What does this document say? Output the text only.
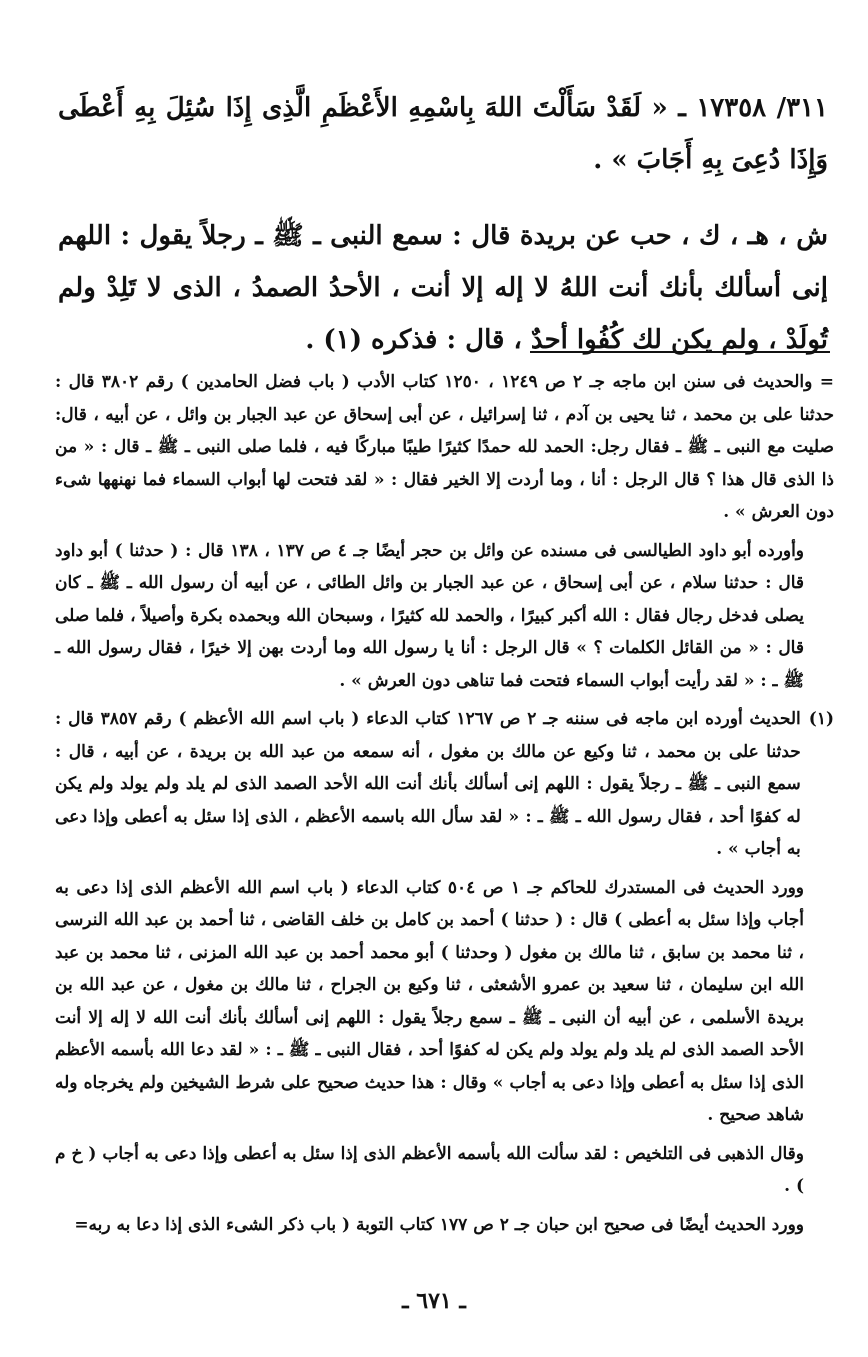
٣١١/ ١٧٣٥٨ ـ « لَقَدْ سَأَلْتَ اللهَ بِاسْمِهِ الأَعْظَمِ الَّذِى إِذَا سُئِلَ بِهِ أَعْطَى وَإِذَا دُعِىَ بِهِ أَجَابَ » .

ش ، هـ ، ك ، حب عن بريدة قال : سمع النبى ـ ﷺ ـ رجلاً يقول : اللهم إنى أسألك بأنك أنت اللهُ لا إله إلا أنت ، الأحدُ الصمدُ ، الذى لا تَلِدْ ولم تُولَدْ ، ولم يكن لك كُفُوا أحدٌ ، قال : فذكره (١) .

= والحديث فى سنن ابن ماجه جـ ٢ ص ١٢٤٩ ، ١٢٥٠ كتاب الأدب ( باب فضل الحامدين ) رقم ٣٨٠٢ قال : حدثنا على بن محمد ، ثنا يحيى بن آدم ، ثنا إسرائيل ، عن أبى إسحاق عن عبد الجبار بن وائل ، عن أبيه ، قال: صليت مع النبى ـ ﷺ ـ فقال رجل: الحمد لله حمدًا كثيرًا طيبًا مباركًا فيه ، فلما صلى النبى ـ ﷺ ـ قال : « من ذا الذى قال هذا ؟ قال الرجل : أنا ، وما أردت إلا الخير فقال : « لقد فتحت لها أبواب السماء فما نهنهها شىء دون العرش » .

وأورده أبو داود الطيالسى فى مسنده عن وائل بن حجر أيضًا جـ ٤ ص ١٣٧ ، ١٣٨ قال : ( حدثنا ) أبو داود قال : حدثنا سلام ، عن أبى إسحاق ، عن عبد الجبار بن وائل الطائى ، عن أبيه أن رسول الله ـ ﷺ ـ كان يصلى فدخل رجال فقال : الله أكبر كبيرًا ، والحمد لله كثيرًا ، وسبحان الله وبحمده بكرة وأصيلاً ، فلما صلى قال : « من القائل الكلمات ؟ » قال الرجل : أنا يا رسول الله وما أردت بهن إلا خيرًا ، فقال رسول الله ـ ﷺ ـ : « لقد رأيت أبواب السماء فتحت فما تناهى دون العرش » .

(١)

الحديث أورده ابن ماجه فى سننه جـ ٢ ص ١٢٦٧ كتاب الدعاء ( باب اسم الله الأعظم ) رقم ٣٨٥٧ قال : حدثنا على بن محمد ، ثنا وكيع عن مالك بن مغول ، أنه سمعه من عبد الله بن بريدة ، عن أبيه ، قال : سمع النبى ـ ﷺ ـ رجلاً يقول : اللهم إنى أسألك بأنك أنت الله الأحد الصمد الذى لم يلد ولم يولد ولم يكن له كفوًا أحد ، فقال رسول الله ـ ﷺ ـ : « لقد سأل الله باسمه الأعظم ، الذى إذا سئل به أعطى وإذا دعى به أجاب » .

وورد الحديث فى المستدرك للحاكم جـ ١ ص ٥٠٤ كتاب الدعاء ( باب اسم الله الأعظم الذى إذا دعى به أجاب وإذا سئل به أعطى ) قال : ( حدثنا ) أحمد بن كامل بن خلف القاضى ، ثنا أحمد بن عبد الله النرسى ، ثنا محمد بن سابق ، ثنا مالك بن مغول ( وحدثنا ) أبو محمد أحمد بن عبد الله المزنى ، ثنا محمد بن عبد الله ابن سليمان ، ثنا سعيد بن عمرو الأشعثى ، ثنا وكيع بن الجراح ، ثنا مالك بن مغول ، عن عبد الله بن بريدة الأسلمى ، عن أبيه أن النبى ـ ﷺ ـ سمع رجلاً يقول : اللهم إنى أسألك بأنك أنت الله لا إله إلا أنت الأحد الصمد الذى لم يلد ولم يولد ولم يكن له كفوًا أحد ، فقال النبى ـ ﷺ ـ : « لقد دعا الله بأسمه الأعظم الذى إذا سئل به أعطى وإذا دعى به أجاب » وقال : هذا حديث صحيح على شرط الشيخين ولم يخرجاه وله شاهد صحيح .

وقال الذهبى فى التلخيص : لقد سألت الله بأسمه الأعظم الذى إذا سئل به أعطى وإذا دعى به أجاب ( خ م ) .

وورد الحديث أيضًا فى صحيح ابن حبان جـ ٢ ص ١٧٧ كتاب التوبة ( باب ذكر الشىء الذى إذا دعا به ربه=

ـ ٦٧١ ـ
